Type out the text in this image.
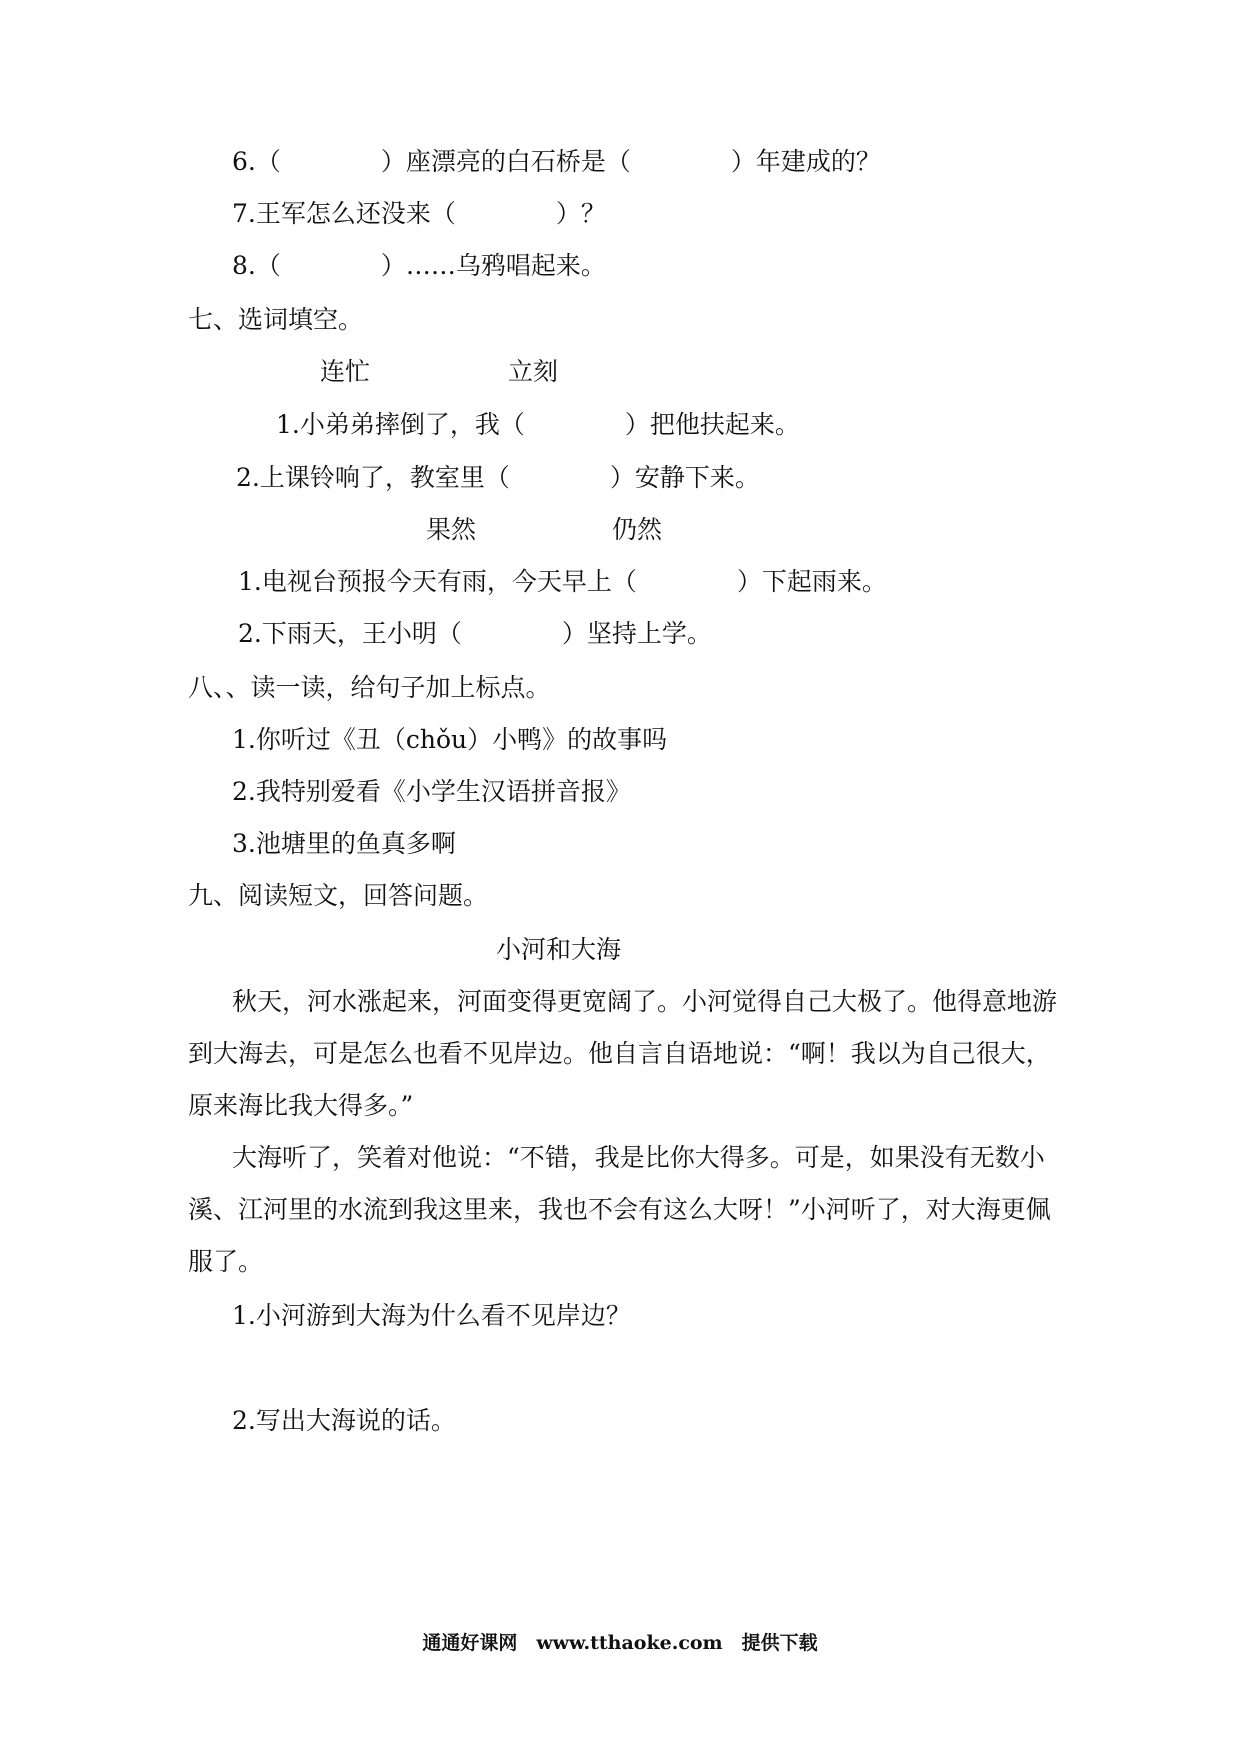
6.（　　　　）座漂亮的白石桥是（　　　　）年建成的？
7.王军怎么还没来（　　　　）？
8.（　　　　）……乌鸦唱起来。
七、选词填空。
连忙	立刻
1.小弟弟摔倒了，我（　　　　）把他扶起来。
2.上课铃响了，教室里（　　　　）安静下来。
果然	仍然
1.电视台预报今天有雨，今天早上（　　　　）下起雨来。
2.下雨天，王小明（　　　　）坚持上学。
八、、读一读，给句子加上标点。
1.你听过《丑（chǒu）小鸭》的故事吗
2.我特别爱看《小学生汉语拼音报》
3.池塘里的鱼真多啊
九、阅读短文，回答问题。
小河和大海
秋天，河水涨起来，河面变得更宽阔了。小河觉得自己大极了。他得意地游
到大海去，可是怎么也看不见岸边。他自言自语地说：“啊！我以为自己很大，
原来海比我大得多。”
大海听了，笑着对他说：“不错，我是比你大得多。可是，如果没有无数小
溪、江河里的水流到我这里来，我也不会有这么大呀！”小河听了，对大海更佩
服了。
1.小河游到大海为什么看不见岸边？
2.写出大海说的话。
通通好课网　www.tthaoke.com　提供下载
